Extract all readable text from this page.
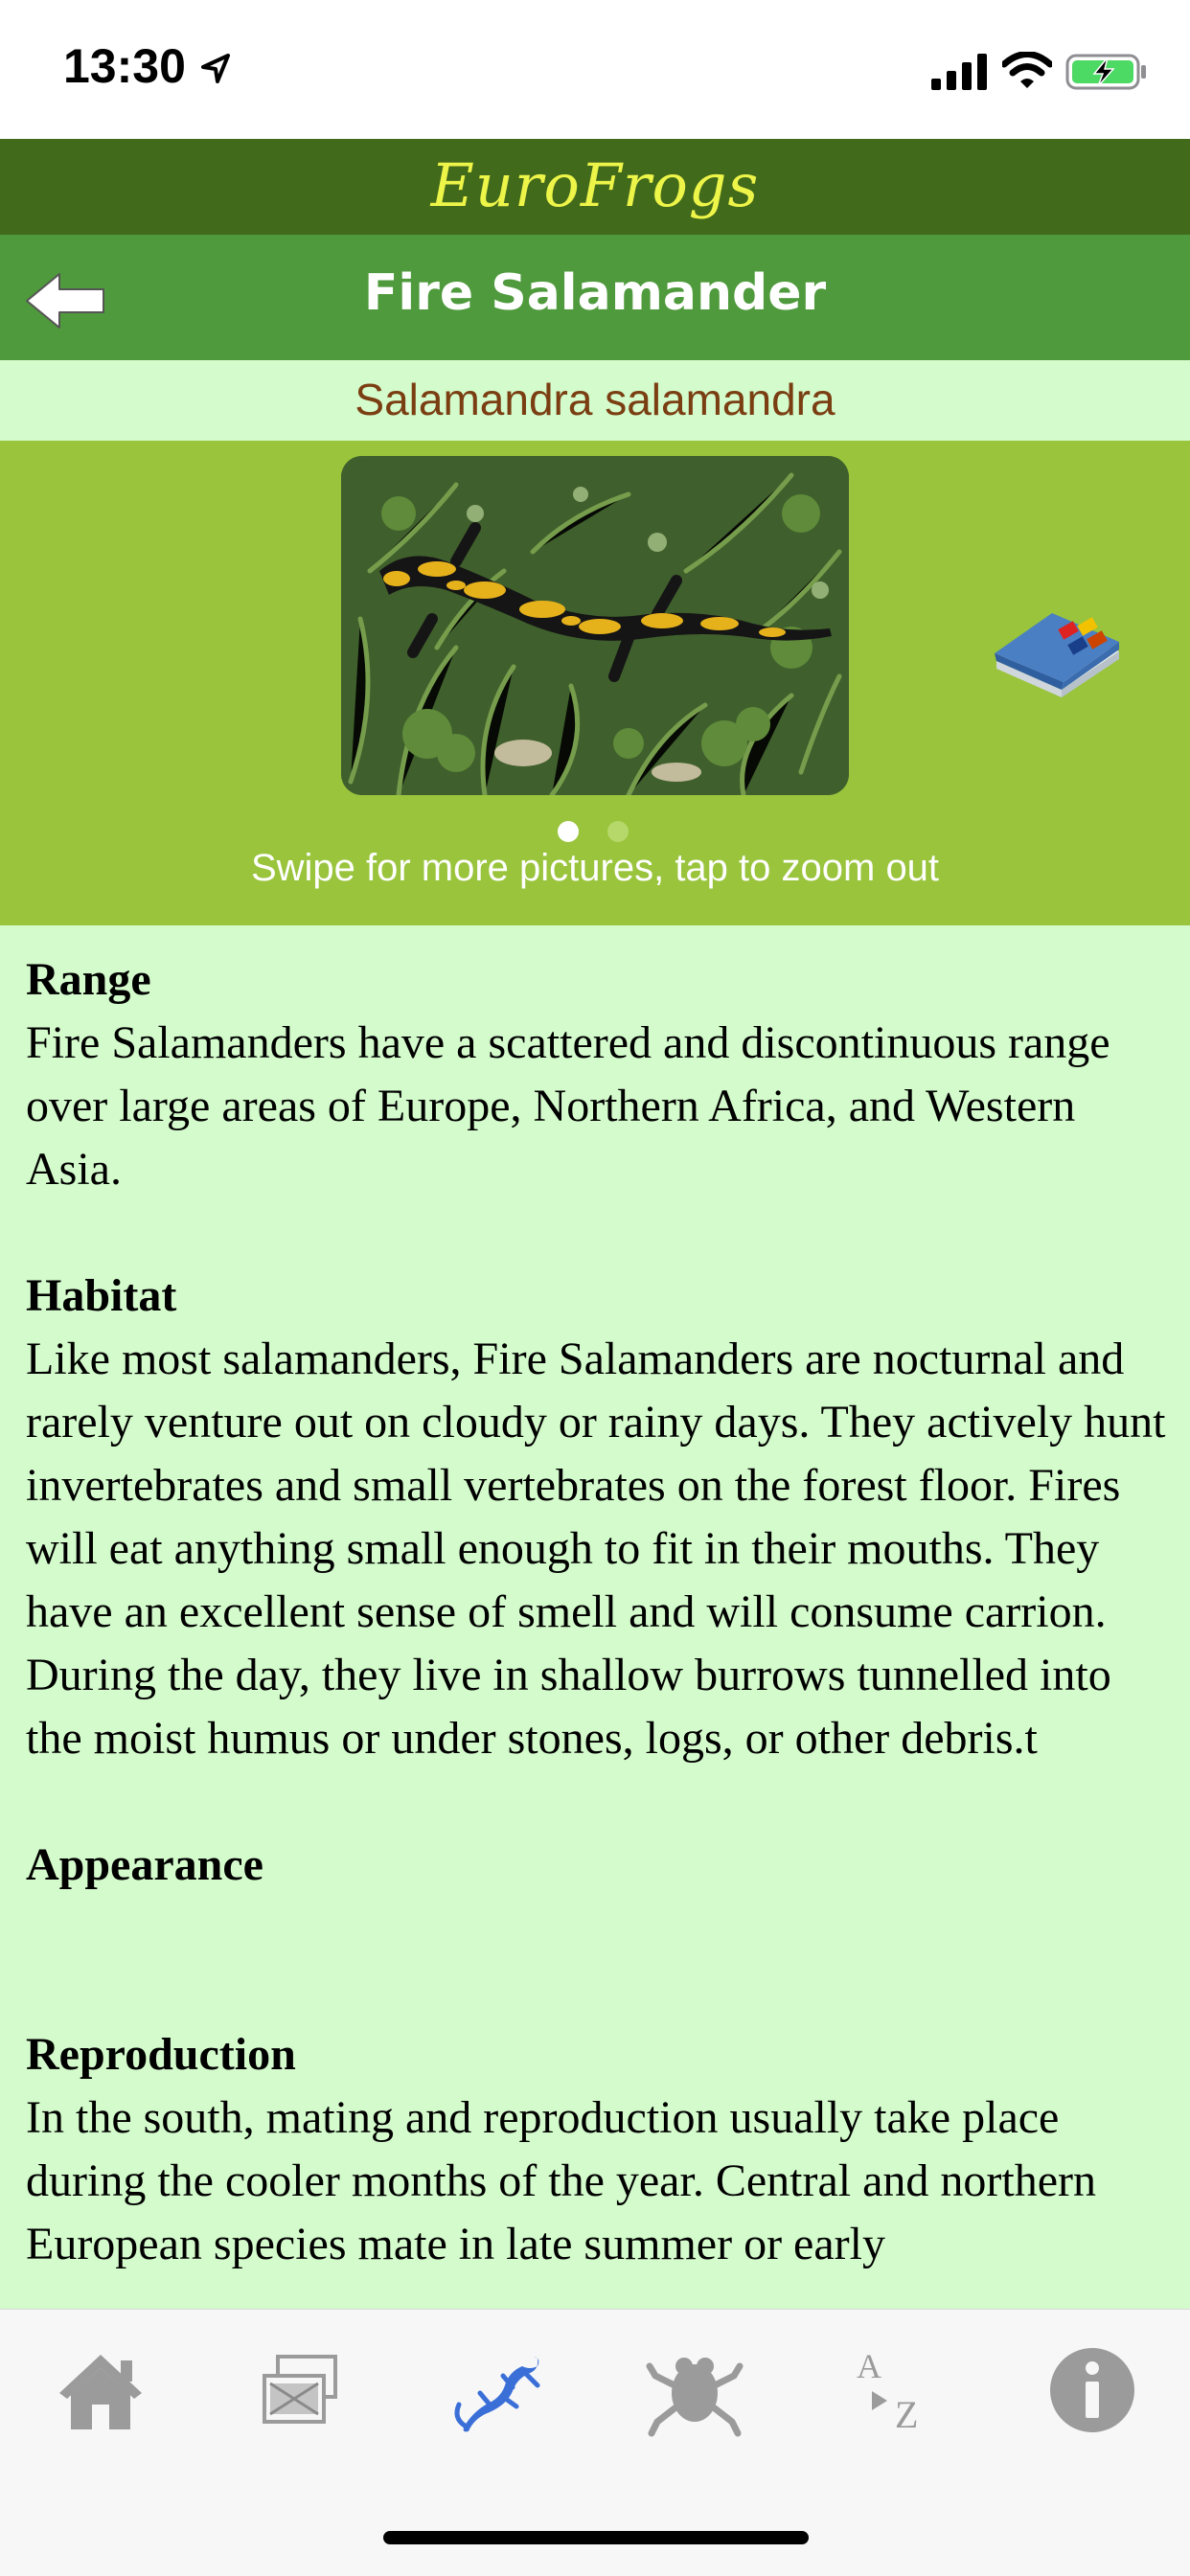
13:30
EuroFrogs
Fire Salamander
Salamandra salamandra
Swipe for more pictures, tap to zoom out
Range
Fire Salamanders have a scattered and discontinuous range over large areas of Europe, Northern Africa, and Western Asia.
Habitat
Like most salamanders, Fire Salamanders are nocturnal and rarely venture out on cloudy or rainy days. They actively hunt invertebrates and small vertebrates on the forest floor. Fires will eat anything small enough to fit in their mouths. They have an excellent sense of smell and will consume carrion. During the day, they live in shallow burrows tunnelled into the moist humus or under stones, logs, or other debris.t
Appearance
Reproduction
In the south, mating and reproduction usually take place during the cooler months of the year. Central and northern European species mate in late summer or early
A
Z
